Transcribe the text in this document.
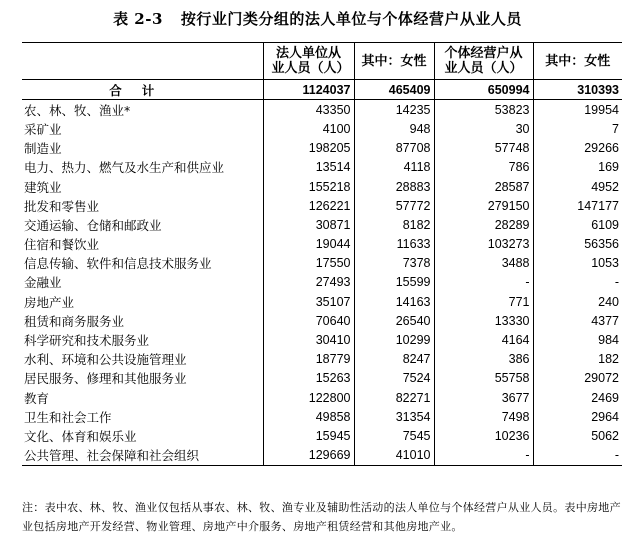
表 2-3 按行业门类分组的法人单位与个体经营户从业人员

	法人单位从业人员（人）	其中：女性	个体经营户从业人员（人）	其中：女性

合计	1124037	465409	650994	310393
农、林、牧、渔业*	43350	14235	53823	19954
采矿业	4100	948	30	7
制造业	198205	87708	57748	29266
电力、热力、燃气及水生产和供应业	13514	4118	786	169
建筑业	155218	28883	28587	4952
批发和零售业	126221	57772	279150	147177
交通运输、仓储和邮政业	30871	8182	28289	6109
住宿和餐饮业	19044	11633	103273	56356
信息传输、软件和信息技术服务业	17550	7378	3488	1053
金融业	27493	15599	-	-
房地产业	35107	14163	771	240
租赁和商务服务业	70640	26540	13330	4377
科学研究和技术服务业	30410	10299	4164	984
水利、环境和公共设施管理业	18779	8247	386	182
居民服务、修理和其他服务业	15263	7524	55758	29072
教育	122800	82271	3677	2469
卫生和社会工作	49858	31354	7498	2964
文化、体育和娱乐业	15945	7545	10236	5062
公共管理、社会保障和社会组织	129669	41010	-	-
注：表中农、林、牧、渔业仅包括从事农、林、牧、渔专业及辅助性活动的法人单位与个体经营户从业人员。表中房地产业包括房地产开发经营、物业管理、房地产中介服务、房地产租赁经营和其他房地产业。
